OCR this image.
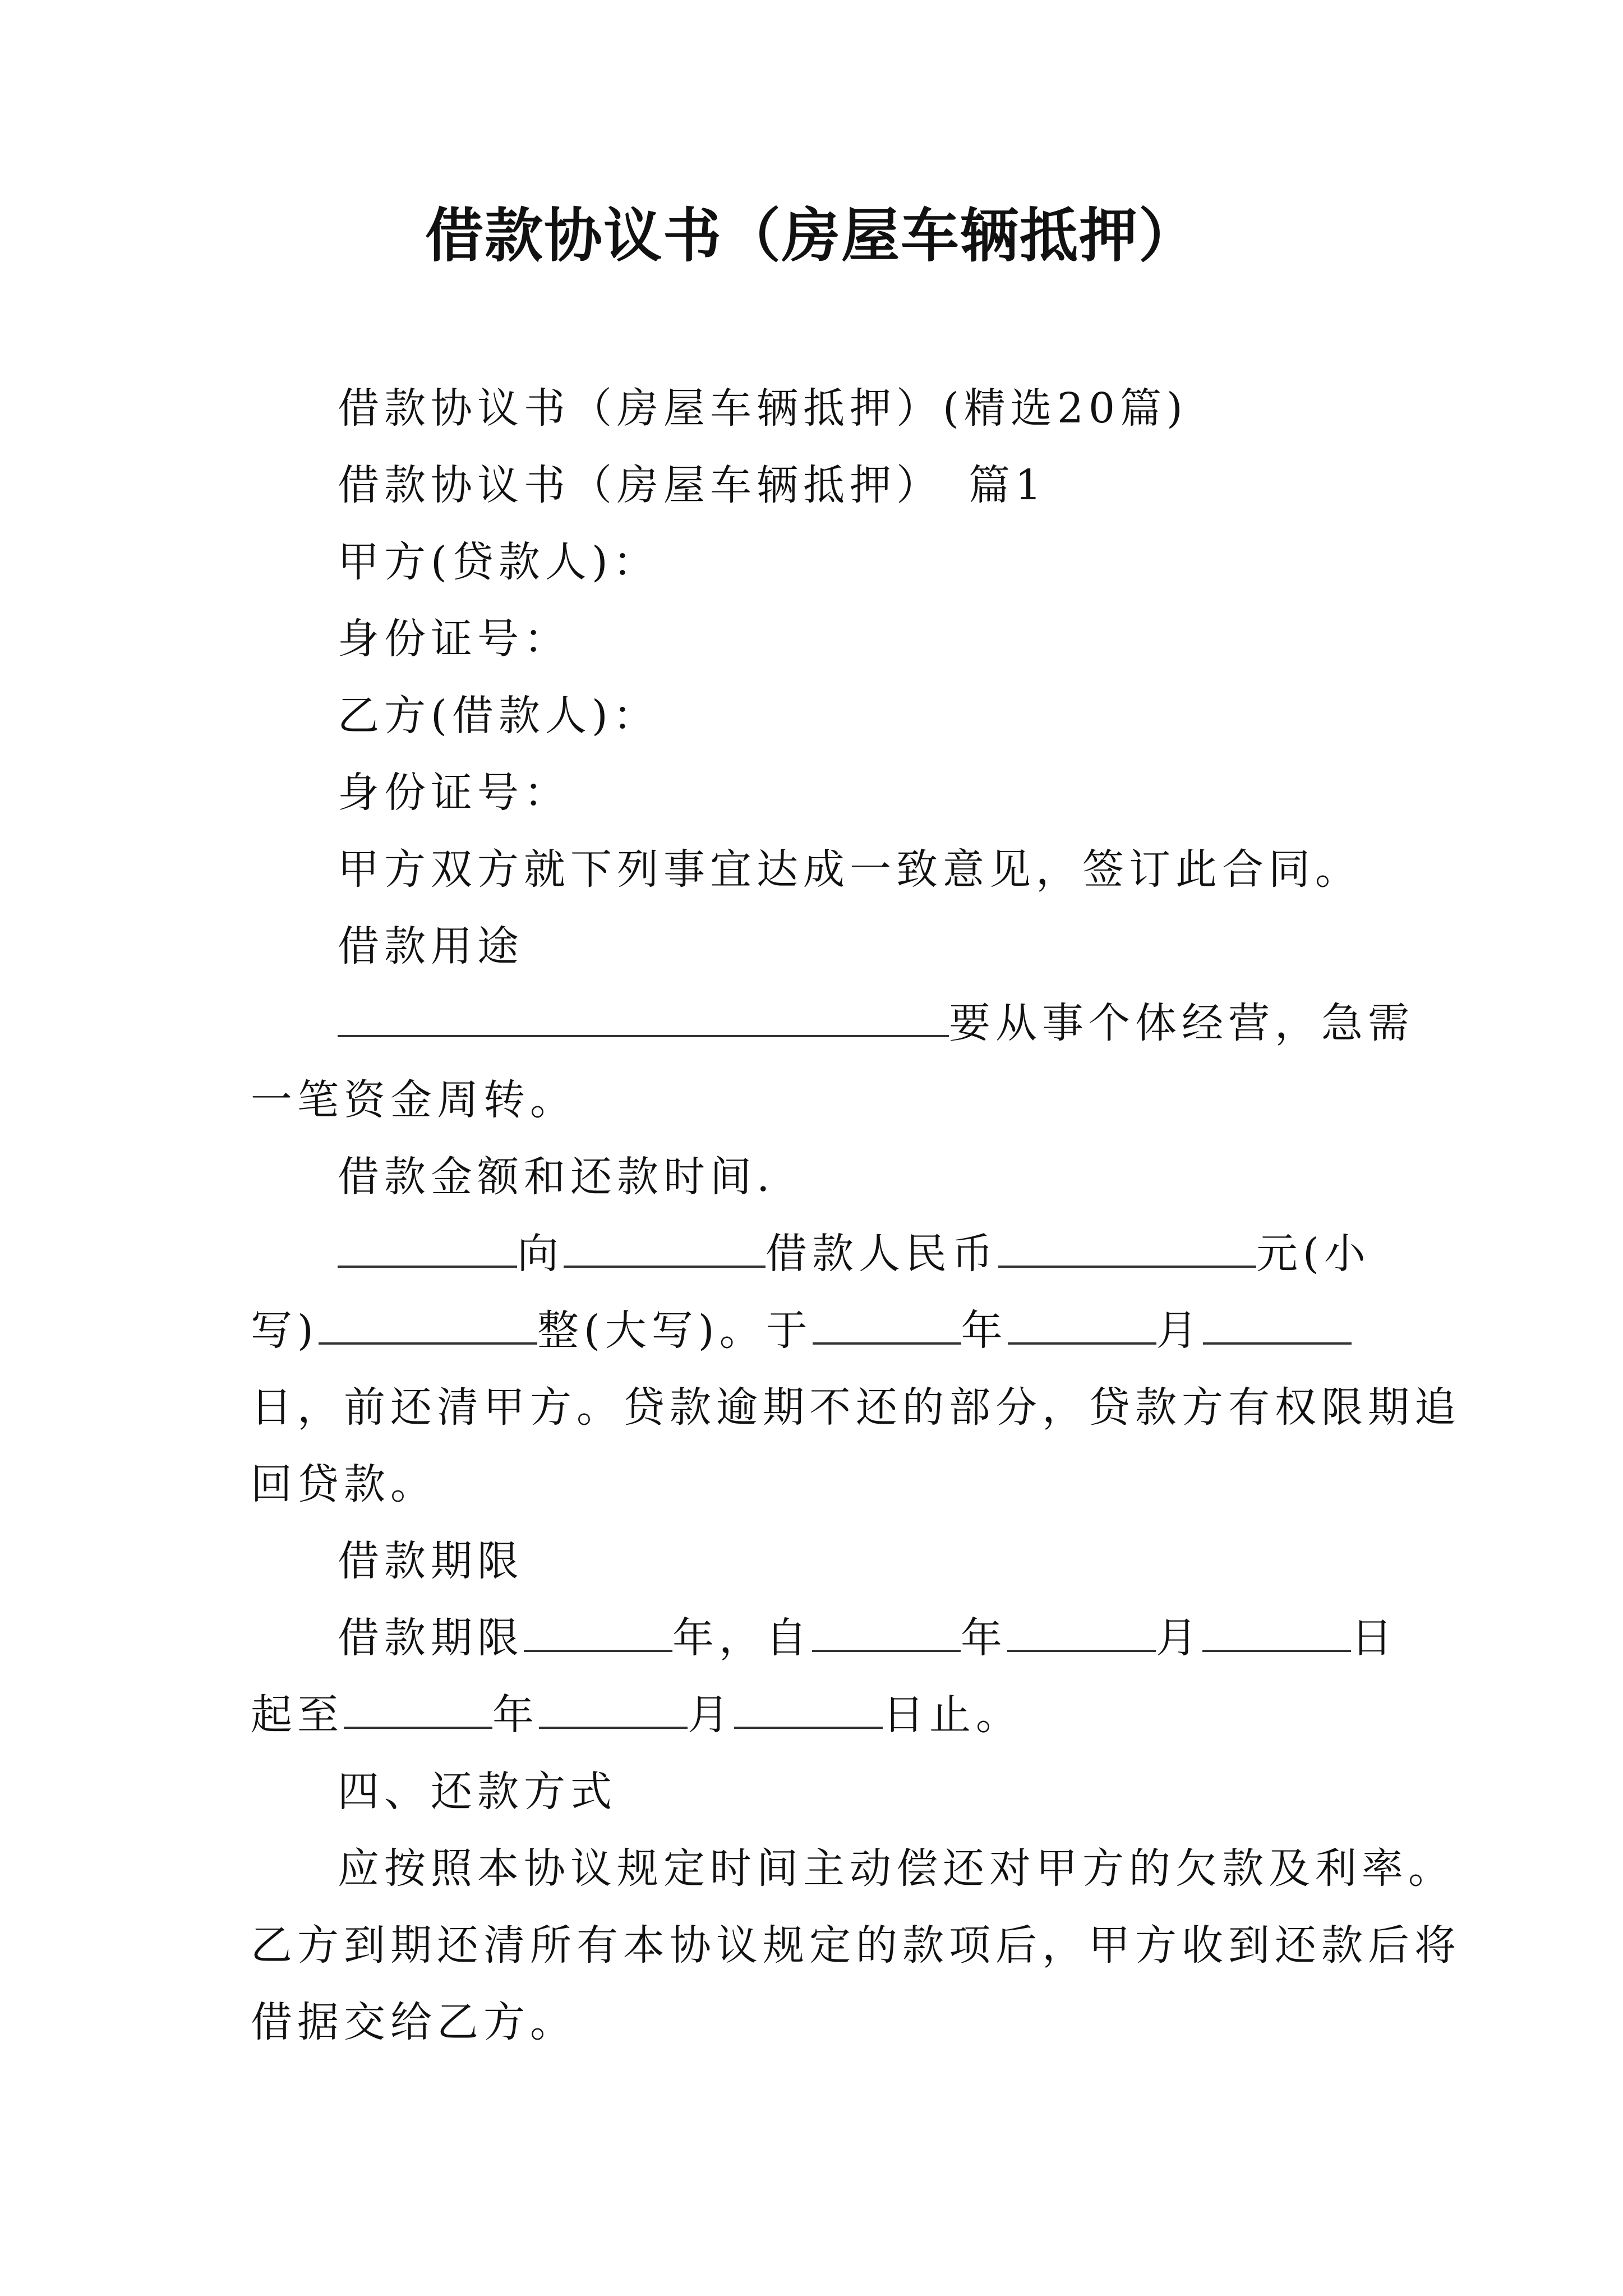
借款协议书（房屋车辆抵押）
借款协议书（房屋车辆抵押）(精选20篇)
借款协议书（房屋车辆抵押）　篇1
甲方(贷款人)：
身份证号：
乙方(借款人)：
身份证号：
甲方双方就下列事宜达成一致意见，签订此合同。
借款用途
要从事个体经营，急需
一笔资金周转。
借款金额和还款时间.
向	借款人民币	元(小
写)	整(大写)。于	年	月
日，前还清甲方。贷款逾期不还的部分，贷款方有权限期追
回贷款。
借款期限
借款期限	年，自	年	月	日
起至	年	月	日止。
四、还款方式
应按照本协议规定时间主动偿还对甲方的欠款及利率。
乙方到期还清所有本协议规定的款项后，甲方收到还款后将
借据交给乙方。
